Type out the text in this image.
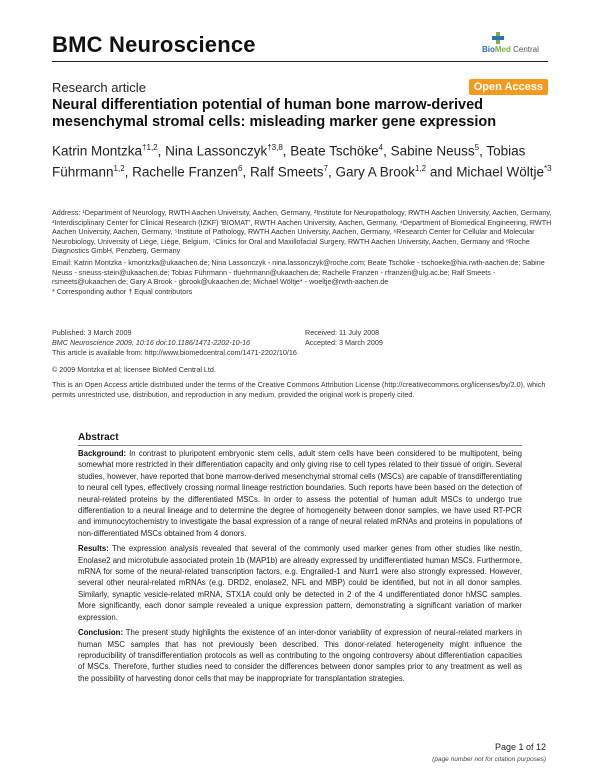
BMC Neuroscience	BioMed Central
Research article	Open Access
Neural differentiation potential of human bone marrow-derived mesenchymal stromal cells: misleading marker gene expression
Katrin Montzka$^{\dagger 1,2}$, Nina Lassonczyk$^{\dagger 3,8}$, Beate Tschöke$^4$, Sabine Neuss$^5$, Tobias Führmann$^{1,2}$, Rachelle Franzen$^6$, Ralf Smeets$^7$, Gary A Brook$^{1,2}$ and Michael Wöltje$^{*3}$
Address: ¹Department of Neurology, RWTH Aachen University, Aachen, Germany, ²Institute for Neuropathology, RWTH Aachen University, Aachen, Germany, ³Interdisciplinary Center for Clinical Research (IZKF) 'BIOMAT', RWTH Aachen University, Aachen, Germany, ⁴Department of Biomedical Engineering, RWTH Aachen University, Aachen, Germany, ⁵Institute of Pathology, RWTH Aachen University, Aachen, Germany, ⁶Research Center for Cellular and Molecular Neurobiology, University of Liège, Liège, Belgium, ⁷Clinics for Oral and Maxillofacial Surgery, RWTH Aachen University, Aachen, Germany and ⁸Roche Diagnostics GmbH, Penzberg, Germany
Email: Katrin Montzka - kmontzka@ukaachen.de; Nina Lassonczyk - nina.lassonczyk@roche.com; Beate Tschöke - tschoeke@hia.rwth-aachen.de; Sabine Neuss - sneuss-stein@ukaachen.de; Tobias Führmann - tfuehrmann@ukaachen.de; Rachelle Franzen - rfranzen@ulg.ac.be; Ralf Smeets - rsmeets@ukaachen.de; Gary A Brook - gbrook@ukaachen.de; Michael Wöltje* - woeltje@rwth-aachen.de
* Corresponding author † Equal contributors
Published: 3 March 2009
BMC Neuroscience 2009, 10:16 doi:10.1186/1471-2202-10-16
This article is available from: http://www.biomedcentral.com/1471-2202/10/16
© 2009 Montzka et al; licensee BioMed Central Ltd.
Received: 11 July 2008
Accepted: 3 March 2009
This is an Open Access article distributed under the terms of the Creative Commons Attribution License (http://creativecommons.org/licenses/by/2.0), which permits unrestricted use, distribution, and reproduction in any medium, provided the original work is properly cited.
Abstract

Background: In contrast to pluripotent embryonic stem cells, adult stem cells have been considered to be multipotent, being somewhat more restricted in their differentiation capacity and only giving rise to cell types related to their tissue of origin. Several studies, however, have reported that bone marrow-derived mesenchymal stromal cells (MSCs) are capable of transdifferentiating to neural cell types, effectively crossing normal lineage restriction boundaries. Such reports have been based on the detection of neural-related proteins by the differentiated MSCs. In order to assess the potential of human adult MSCs to undergo true differentiation to a neural lineage and to determine the degree of homogeneity between donor samples, we have used RT-PCR and immunocytochemistry to investigate the basal expression of a range of neural related mRNAs and proteins in populations of non-differentiated MSCs obtained from 4 donors.

Results: The expression analysis revealed that several of the commonly used marker genes from other studies like nestin, Enolase2 and microtubule associated protein 1b (MAP1b) are already expressed by undifferentiated human MSCs. Furthermore, mRNA for some of the neural-related transcription factors, e.g. Engrailed-1 and Nurr1 were also strongly expressed. However, several other neural-related mRNAs (e.g. DRD2, enolase2, NFL and MBP) could be identified, but not in all donor samples. Similarly, synaptic vesicle-related mRNA, STX1A could only be detected in 2 of the 4 undifferentiated donor hMSC samples. More significantly, each donor sample revealed a unique expression pattern, demonstrating a significant variation of marker expression.

Conclusion: The present study highlights the existence of an inter-donor variability of expression of neural-related markers in human MSC samples that has not previously been described. This donor-related heterogeneity might influence the reproducibility of transdifferentiation protocols as well as contributing to the ongoing controversy about differentiation capacities of MSCs. Therefore, further studies need to consider the differences between donor samples prior to any treatment as well as the possibility of harvesting donor cells that may be inappropriate for transplantation strategies.

Page 1 of 12
(page number not for citation purposes)
